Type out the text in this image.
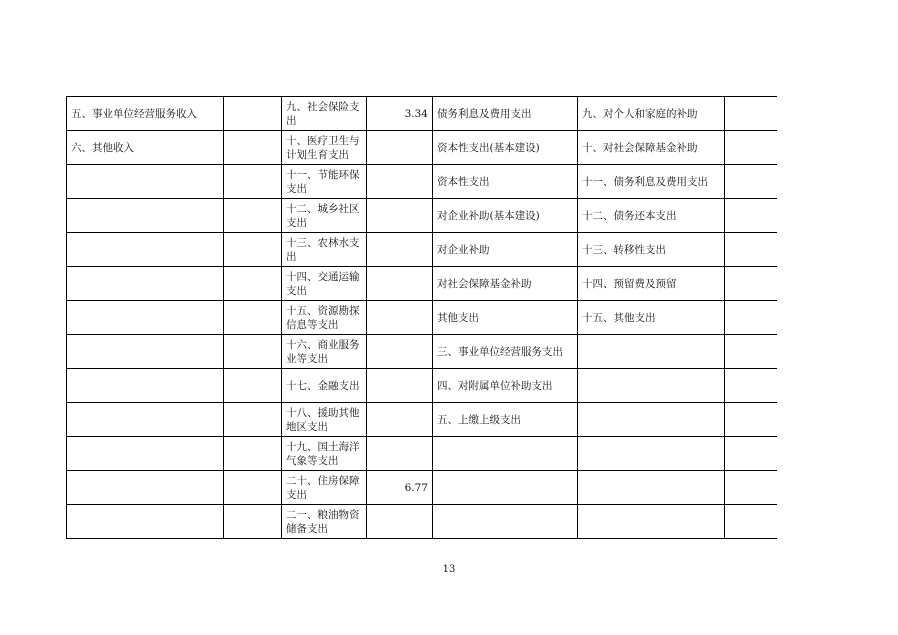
五、事业单位经营服务收入		九、社会保险支出	3.34	债务利息及费用支出	九、对个人和家庭的补助	
六、其他收入		十、医疗卫生与计划生育支出		资本性支出(基本建设)	十、对社会保障基金补助	
		十一、节能环保支出		资本性支出	十一、债务利息及费用支出	
		十二、城乡社区支出		对企业补助(基本建设)	十二、债务还本支出	
		十三、农林水支出		对企业补助	十三、转移性支出	
		十四、交通运输支出		对社会保障基金补助	十四、预留费及预留	
		十五、资源勘探信息等支出		其他支出	十五、其他支出	
		十六、商业服务业等支出		三、事业单位经营服务支出		
		十七、金融支出		四、对附属单位补助支出		
		十八、援助其他地区支出		五、上缴上级支出		
		十九、国土海洋气象等支出				
		二十、住房保障支出	6.77			
		二一、粮油物资储备支出				
13
